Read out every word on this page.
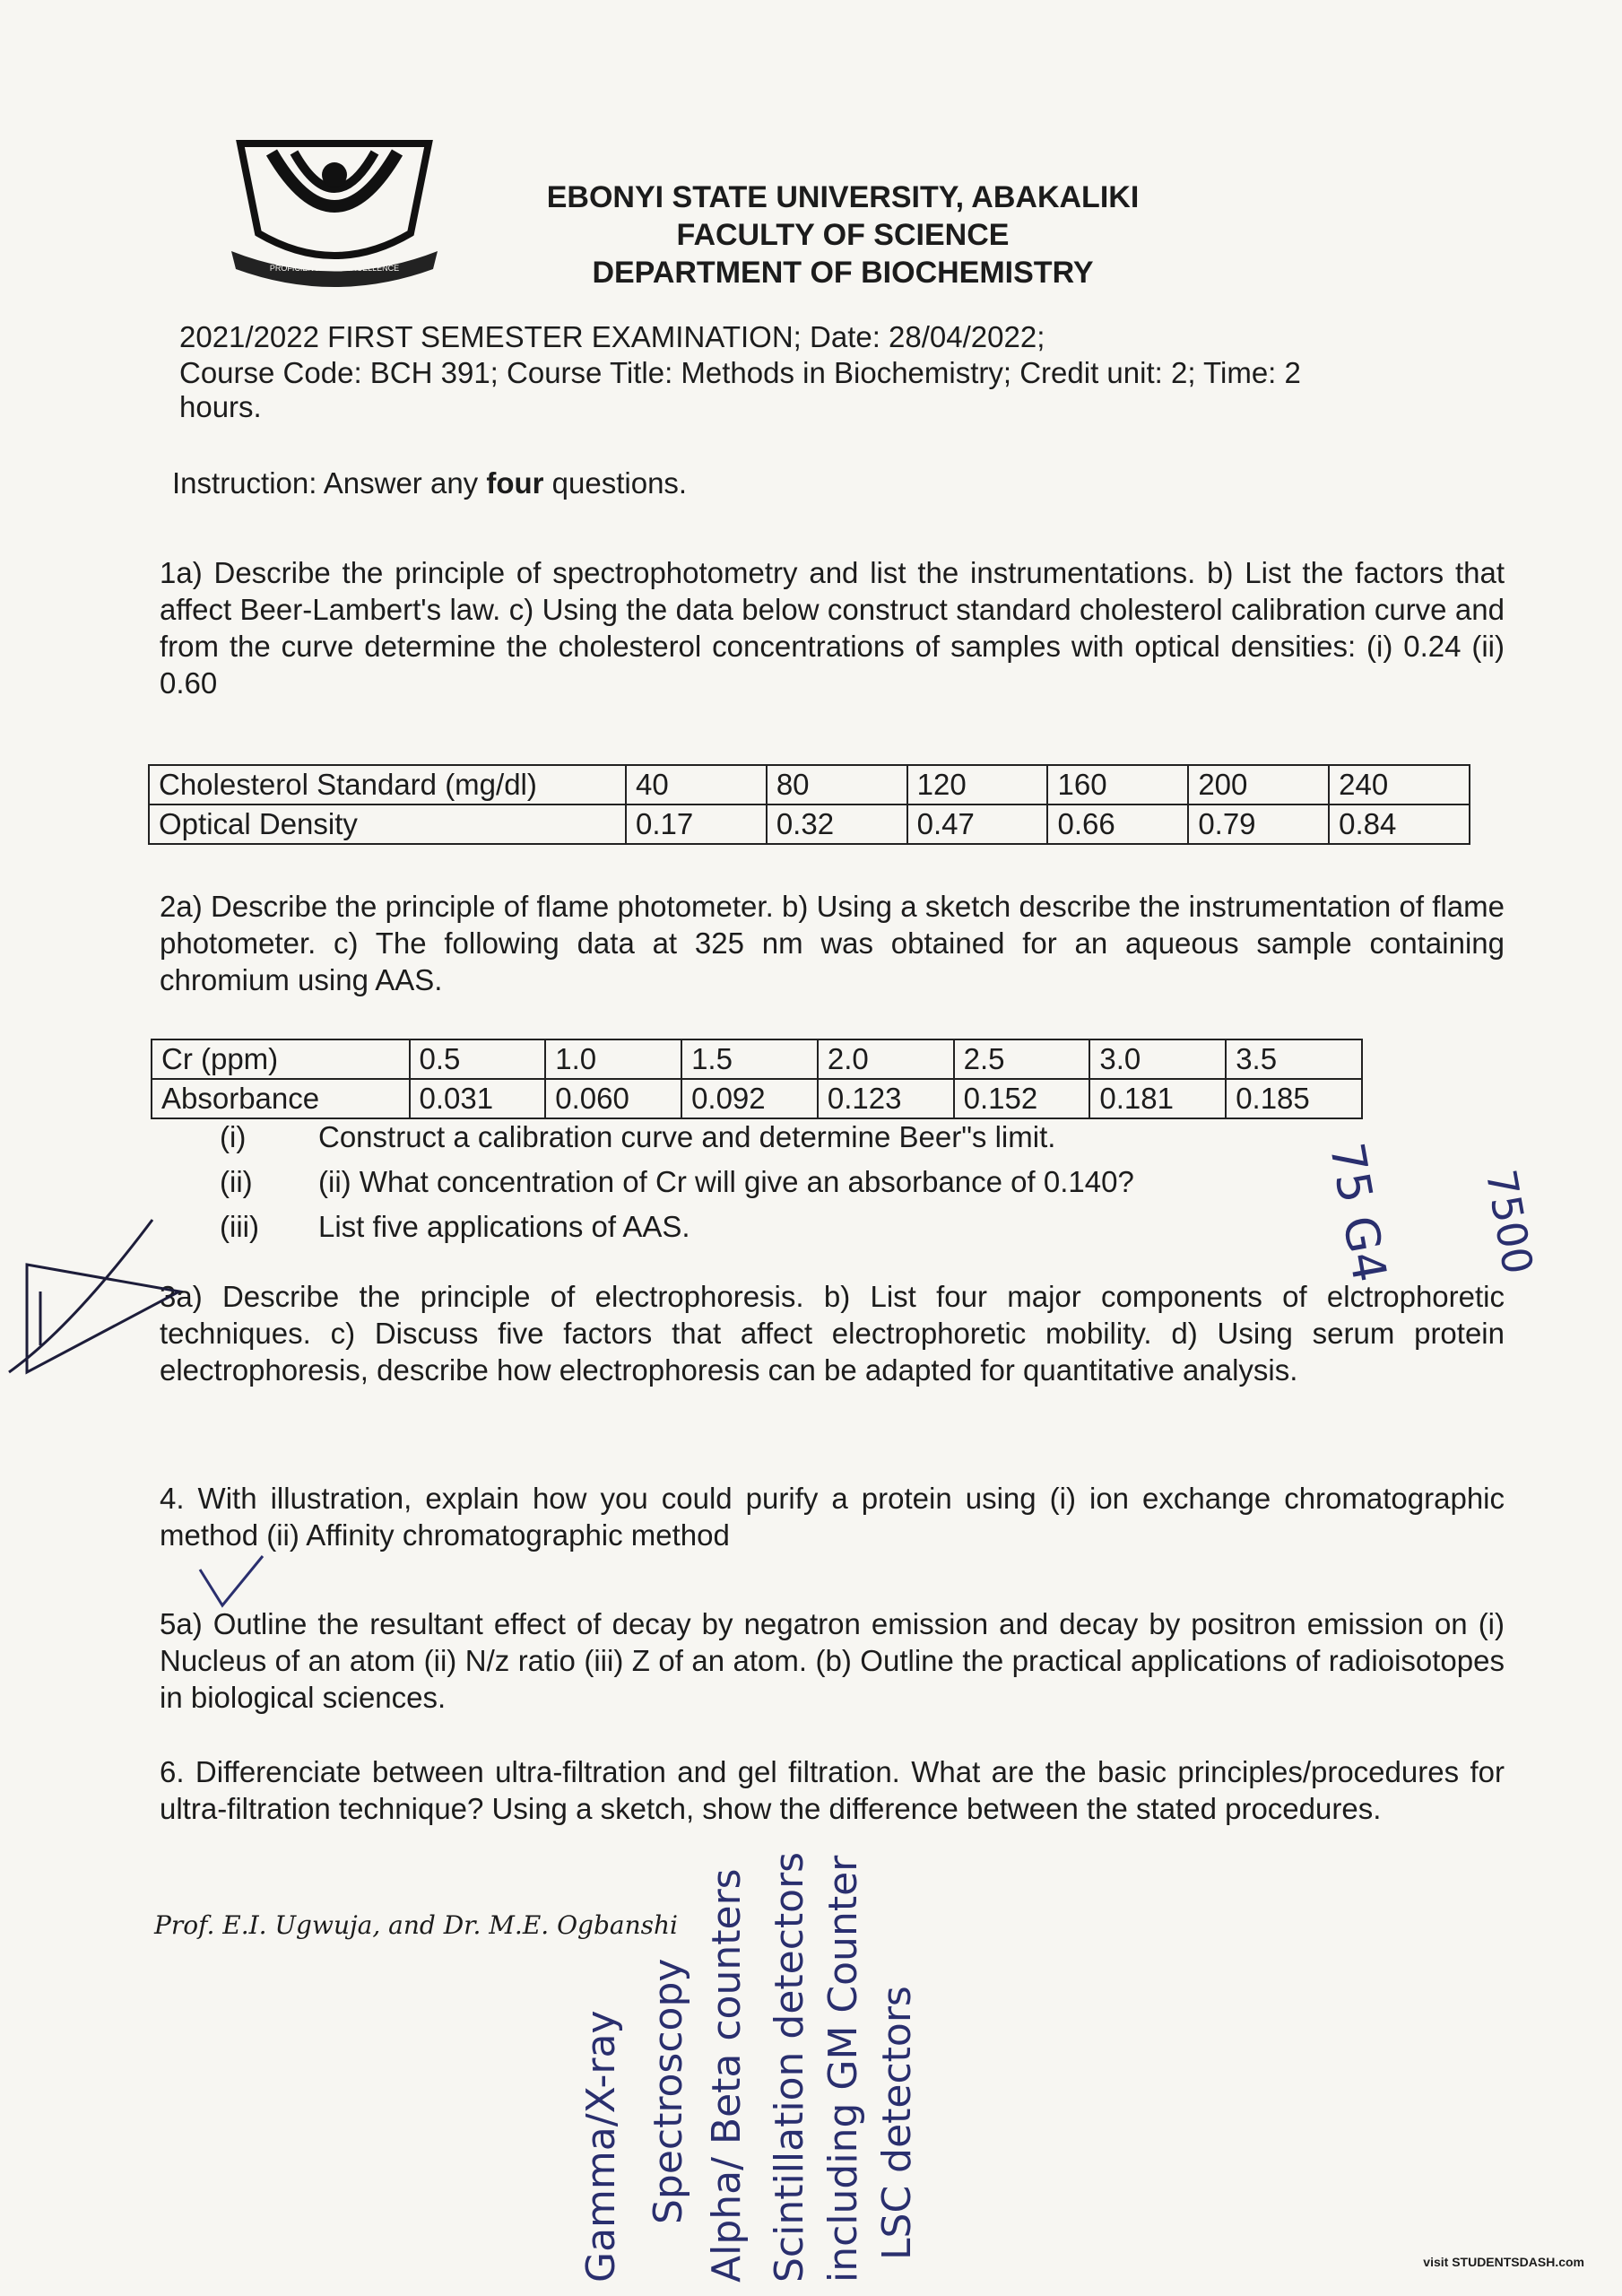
PROFICIENCY AND EXCELLENCE
EBONYI STATE UNIVERSITY, ABAKALIKI
FACULTY OF SCIENCE
DEPARTMENT OF BIOCHEMISTRY
2021/2022 FIRST SEMESTER EXAMINATION; Date: 28/04/2022;
Course Code: BCH 391; Course Title: Methods in Biochemistry; Credit unit: 2; Time: 2
hours.
Instruction: Answer any four questions.

1a) Describe the principle of spectrophotometry and list the instrumentations. b) List the factors that affect Beer-Lambert's law. c) Using the data below construct standard cholesterol calibration curve and from the curve determine the cholesterol concentrations of samples with optical densities: (i) 0.24 (ii) 0.60

Cholesterol Standard (mg/dl)	40	80	120	160	200	240
Optical Density	0.17	0.32	0.47	0.66	0.79	0.84

2a) Describe the principle of flame photometer. b) Using a sketch describe the instrumentation of flame photometer. c) The following data at 325 nm was obtained for an aqueous sample containing chromium using AAS.

Cr (ppm)	0.5	1.0	1.5	2.0	2.5	3.0	3.5
Absorbance	0.031	0.060	0.092	0.123	0.152	0.181	0.185
(i) Construct a calibration curve and determine Beer"s limit.
(ii) (ii) What concentration of Cr will give an absorbance of 0.140?
(iii) List five applications of AAS.

3a) Describe the principle of electrophoresis. b) List four major components of elctrophoretic techniques. c) Discuss five factors that affect electrophoretic mobility. d) Using serum protein electrophoresis, describe how electrophoresis can be adapted for quantitative analysis.

4. With illustration, explain how you could purify a protein using (i) ion exchange chromatographic method (ii) Affinity chromatographic method

5a) Outline the resultant effect of decay by negatron emission and decay by positron emission on (i) Nucleus of an atom (ii) N/z ratio (iii) Z of an atom. (b) Outline the practical applications of radioisotopes in biological sciences.

6. Differenciate between ultra-filtration and gel filtration. What are the basic principles/procedures for ultra-filtration technique? Using a sketch, show the difference between the stated procedures.

Prof. E.I. Ugwuja, and Dr. M.E. Ogbanshi
75 G4 7500
Gamma/X-ray Spectroscopy Alpha/ Beta counters Scintillation detectors including GM Counter LSC detectors
visit STUDENTSDASH.com
